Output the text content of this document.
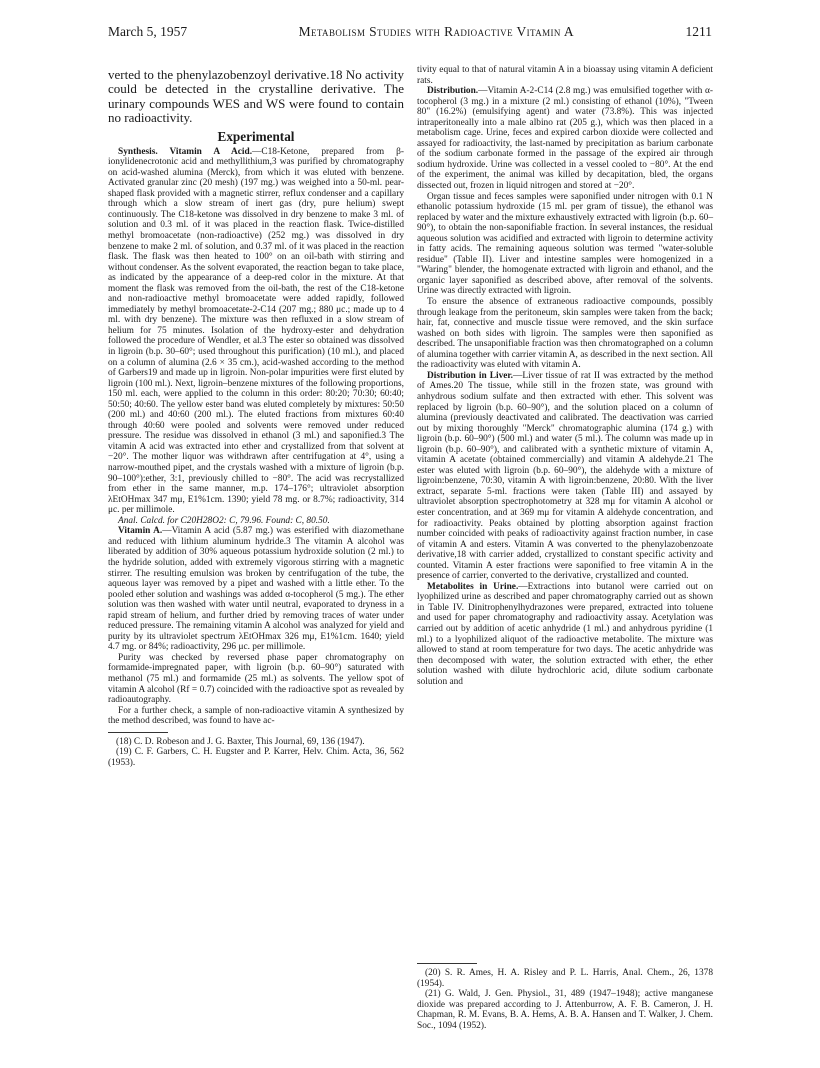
March 5, 1957	Metabolism Studies with Radioactive Vitamin A	1211

verted to the phenylazobenzoyl derivative.18 No activity could be detected in the crystalline derivative. The urinary compounds WES and WS were found to contain no radioactivity.

Experimental

Synthesis. Vitamin A Acid.—C18-Ketone, prepared from β-ionylidenecrotonic acid and methyllithium,3 was purified by chromatography on acid-washed alumina (Merck), from which it was eluted with benzene. Activated granular zinc (20 mesh) (197 mg.) was weighed into a 50-ml. pear-shaped flask provided with a magnetic stirrer, reflux condenser and a capillary through which a slow stream of inert gas (dry, pure helium) swept continuously. The C18-ketone was dissolved in dry benzene to make 3 ml. of solution and 0.3 ml. of it was placed in the reaction flask. Twice-distilled methyl bromoacetate (non-radioactive) (252 mg.) was dissolved in dry benzene to make 2 ml. of solution, and 0.37 ml. of it was placed in the reaction flask. The flask was then heated to 100° on an oil-bath with stirring and without condenser. As the solvent evaporated, the reaction began to take place, as indicated by the appearance of a deep-red color in the mixture. At that moment the flask was removed from the oil-bath, the rest of the C18-ketone and non-radioactive methyl bromoacetate were added rapidly, followed immediately by methyl bromoacetate-2-C14 (207 mg.; 880 μc.; made up to 4 ml. with dry benzene). The mixture was then refluxed in a slow stream of helium for 75 minutes. Isolation of the hydroxy-ester and dehydration followed the procedure of Wendler, et al.3 The ester so obtained was dissolved in ligroin (b.p. 30–60°; used throughout this purification) (10 ml.), and placed on a column of alumina (2.6 × 35 cm.), acid-washed according to the method of Garbers19 and made up in ligroin. Non-polar impurities were first eluted by ligroin (100 ml.). Next, ligroin–benzene mixtures of the following proportions, 150 ml. each, were applied to the column in this order: 80:20; 70:30; 60:40; 50:50; 40:60. The yellow ester band was eluted completely by mixtures: 50:50 (200 ml.) and 40:60 (200 ml.). The eluted fractions from mixtures 60:40 through 40:60 were pooled and solvents were removed under reduced pressure. The residue was dissolved in ethanol (3 ml.) and saponified.3 The vitamin A acid was extracted into ether and crystallized from that solvent at −20°. The mother liquor was withdrawn after centrifugation at 4°, using a narrow-mouthed pipet, and the crystals washed with a mixture of ligroin (b.p. 90–100°):ether, 3:1, previously chilled to −80°. The acid was recrystallized from ether in the same manner, m.p. 174–176°; ultraviolet absorption λEtOHmax 347 mμ, E1%1cm. 1390; yield 78 mg. or 8.7%; radioactivity, 314 μc. per millimole.

Anal. Calcd. for C20H28O2: C, 79.96. Found: C, 80.50.

Vitamin A.—Vitamin A acid (5.87 mg.) was esterified with diazomethane and reduced with lithium aluminum hydride.3 The vitamin A alcohol was liberated by addition of 30% aqueous potassium hydroxide solution (2 ml.) to the hydride solution, added with extremely vigorous stirring with a magnetic stirrer. The resulting emulsion was broken by centrifugation of the tube, the aqueous layer was removed by a pipet and washed with a little ether. To the pooled ether solution and washings was added α-tocopherol (5 mg.). The ether solution was then washed with water until neutral, evaporated to dryness in a rapid stream of helium, and further dried by removing traces of water under reduced pressure. The remaining vitamin A alcohol was analyzed for yield and purity by its ultraviolet spectrum λEtOHmax 326 mμ, E1%1cm. 1640; yield 4.7 mg. or 84%; radioactivity, 296 μc. per millimole.

Purity was checked by reversed phase paper chromatography on formamide-impregnated paper, with ligroin (b.p. 60–90°) saturated with methanol (75 ml.) and formamide (25 ml.) as solvents. The yellow spot of vitamin A alcohol (Rf = 0.7) coincided with the radioactive spot as revealed by radioautography.

For a further check, a sample of non-radioactive vitamin A synthesized by the method described, was found to have ac-

(18) C. D. Robeson and J. G. Baxter, This Journal, 69, 136 (1947).

(19) C. F. Garbers, C. H. Eugster and P. Karrer, Helv. Chim. Acta, 36, 562 (1953).

tivity equal to that of natural vitamin A in a bioassay using vitamin A deficient rats.

Distribution.—Vitamin A-2-C14 (2.8 mg.) was emulsified together with α-tocopherol (3 mg.) in a mixture (2 ml.) consisting of ethanol (10%), "Tween 80" (16.2%) (emulsifying agent) and water (73.8%). This was injected intraperitoneally into a male albino rat (205 g.), which was then placed in a metabolism cage. Urine, feces and expired carbon dioxide were collected and assayed for radioactivity, the last-named by precipitation as barium carbonate of the sodium carbonate formed in the passage of the expired air through sodium hydroxide. Urine was collected in a vessel cooled to −80°. At the end of the experiment, the animal was killed by decapitation, bled, the organs dissected out, frozen in liquid nitrogen and stored at −20°.

Organ tissue and feces samples were saponified under nitrogen with 0.1 N ethanolic potassium hydroxide (15 ml. per gram of tissue), the ethanol was replaced by water and the mixture exhaustively extracted with ligroin (b.p. 60–90°), to obtain the non-saponifiable fraction. In several instances, the residual aqueous solution was acidified and extracted with ligroin to determine activity in fatty acids. The remaining aqueous solution was termed "water-soluble residue" (Table II). Liver and intestine samples were homogenized in a "Waring" blender, the homogenate extracted with ligroin and ethanol, and the organic layer saponified as described above, after removal of the solvents. Urine was directly extracted with ligroin.

To ensure the absence of extraneous radioactive compounds, possibly through leakage from the peritoneum, skin samples were taken from the back; hair, fat, connective and muscle tissue were removed, and the skin surface washed on both sides with ligroin. The samples were then saponified as described. The unsaponifiable fraction was then chromatographed on a column of alumina together with carrier vitamin A, as described in the next section. All the radioactivity was eluted with vitamin A.

Distribution in Liver.—Liver tissue of rat II was extracted by the method of Ames.20 The tissue, while still in the frozen state, was ground with anhydrous sodium sulfate and then extracted with ether. This solvent was replaced by ligroin (b.p. 60–90°), and the solution placed on a column of alumina (previously deactivated and calibrated. The deactivation was carried out by mixing thoroughly "Merck" chromatographic alumina (174 g.) with ligroin (b.p. 60–90°) (500 ml.) and water (5 ml.). The column was made up in ligroin (b.p. 60–90°), and calibrated with a synthetic mixture of vitamin A, vitamin A acetate (obtained commercially) and vitamin A aldehyde.21 The ester was eluted with ligroin (b.p. 60–90°), the aldehyde with a mixture of ligroin:benzene, 70:30, vitamin A with ligroin:benzene, 20:80. With the liver extract, separate 5-ml. fractions were taken (Table III) and assayed by ultraviolet absorption spectrophotometry at 328 mμ for vitamin A alcohol or ester concentration, and at 369 mμ for vitamin A aldehyde concentration, and for radioactivity. Peaks obtained by plotting absorption against fraction number coincided with peaks of radioactivity against fraction number, in case of vitamin A and esters. Vitamin A was converted to the phenylazobenzoate derivative,18 with carrier added, crystallized to constant specific activity and counted. Vitamin A ester fractions were saponified to free vitamin A in the presence of carrier, converted to the derivative, crystallized and counted.

Metabolites in Urine.—Extractions into butanol were carried out on lyophilized urine as described and paper chromatography carried out as shown in Table IV. Dinitrophenylhydrazones were prepared, extracted into toluene and used for paper chromatography and radioactivity assay. Acetylation was carried out by addition of acetic anhydride (1 ml.) and anhydrous pyridine (1 ml.) to a lyophilized aliquot of the radioactive metabolite. The mixture was allowed to stand at room temperature for two days. The acetic anhydride was then decomposed with water, the solution extracted with ether, the ether solution washed with dilute hydrochloric acid, dilute sodium carbonate solution and

(20) S. R. Ames, H. A. Risley and P. L. Harris, Anal. Chem., 26, 1378 (1954).

(21) G. Wald, J. Gen. Physiol., 31, 489 (1947–1948); active manganese dioxide was prepared according to J. Attenburrow, A. F. B. Cameron, J. H. Chapman, R. M. Evans, B. A. Hems, A. B. A. Hansen and T. Walker, J. Chem. Soc., 1094 (1952).
